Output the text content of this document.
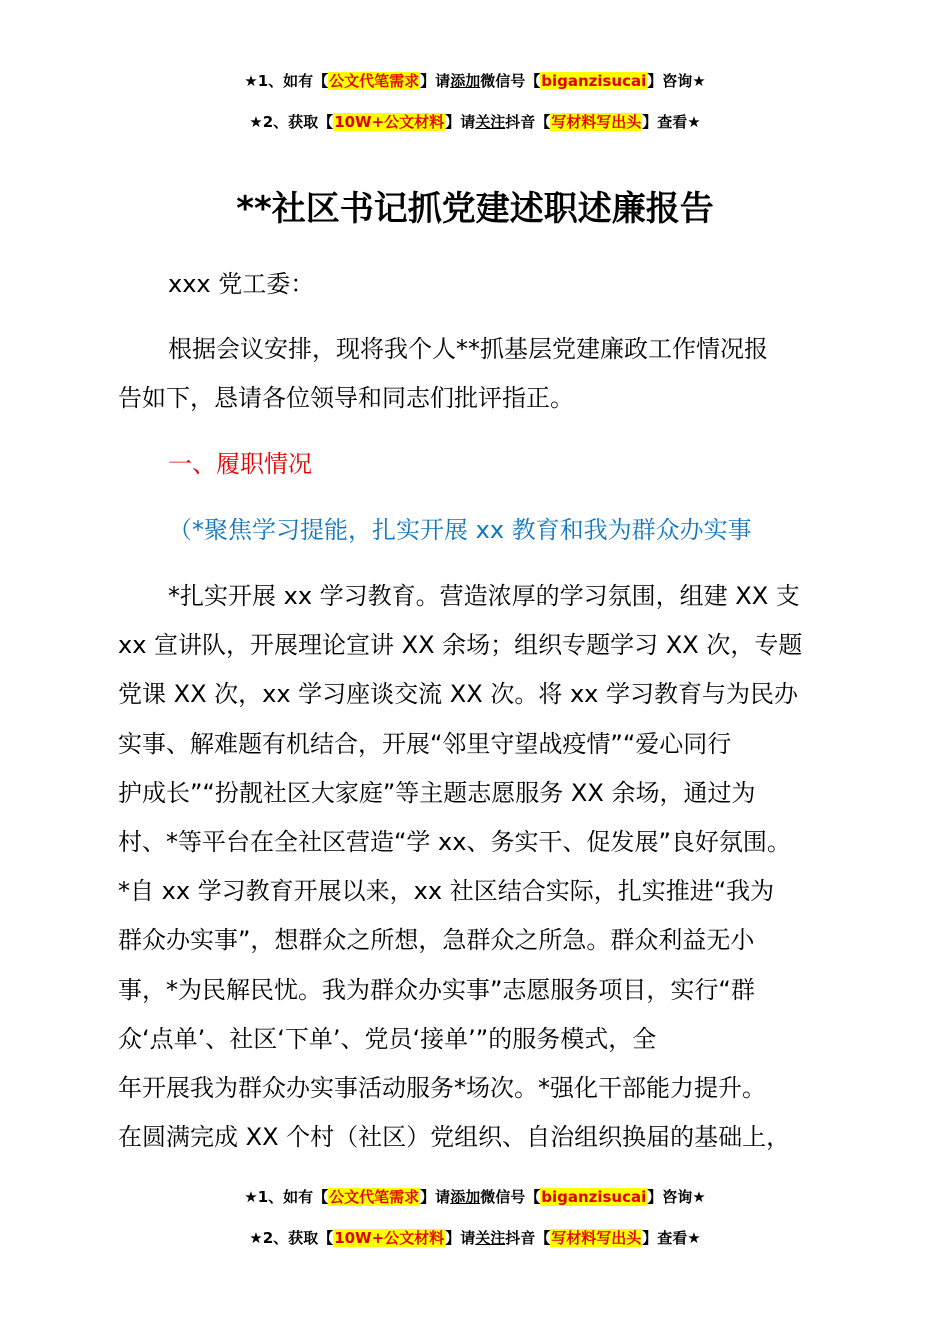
★1、如有【公文代笔需求】请添加微信号【biganzisucai】咨询★
★2、获取【10W+公文材料】请关注抖音【写材料写出头】查看★
**社区书记抓党建述职述廉报告
xxx 党工委：
根据会议安排，现将我个人**抓基层党建廉政工作情况报
告如下，恳请各位领导和同志们批评指正。
一、履职情况
（*聚焦学习提能，扎实开展 xx 教育和我为群众办实事
*扎实开展 xx 学习教育。营造浓厚的学习氛围，组建 XX 支
xx 宣讲队，开展理论宣讲 XX 余场；组织专题学习 XX 次，专题
党课 XX 次，xx 学习座谈交流 XX 次。将 xx 学习教育与为民办
实事、解难题有机结合，开展“邻里守望战疫情”“爱心同行
护成长”“扮靓社区大家庭”等主题志愿服务 XX 余场，通过为
村、*等平台在全社区营造“学 xx、务实干、促发展”良好氛围。
*自 xx 学习教育开展以来，xx 社区结合实际，扎实推进“我为
群众办实事”，想群众之所想，急群众之所急。群众利益无小
事，*为民解民忧。我为群众办实事”志愿服务项目，实行“群
众‘点单’、社区‘下单’、党员‘接单’”的服务模式，全
年开展我为群众办实事活动服务*场次。*强化干部能力提升。
在圆满完成 XX 个村（社区）党组织、自治组织换届的基础上，
★1、如有【公文代笔需求】请添加微信号【biganzisucai】咨询★
★2、获取【10W+公文材料】请关注抖音【写材料写出头】查看★
